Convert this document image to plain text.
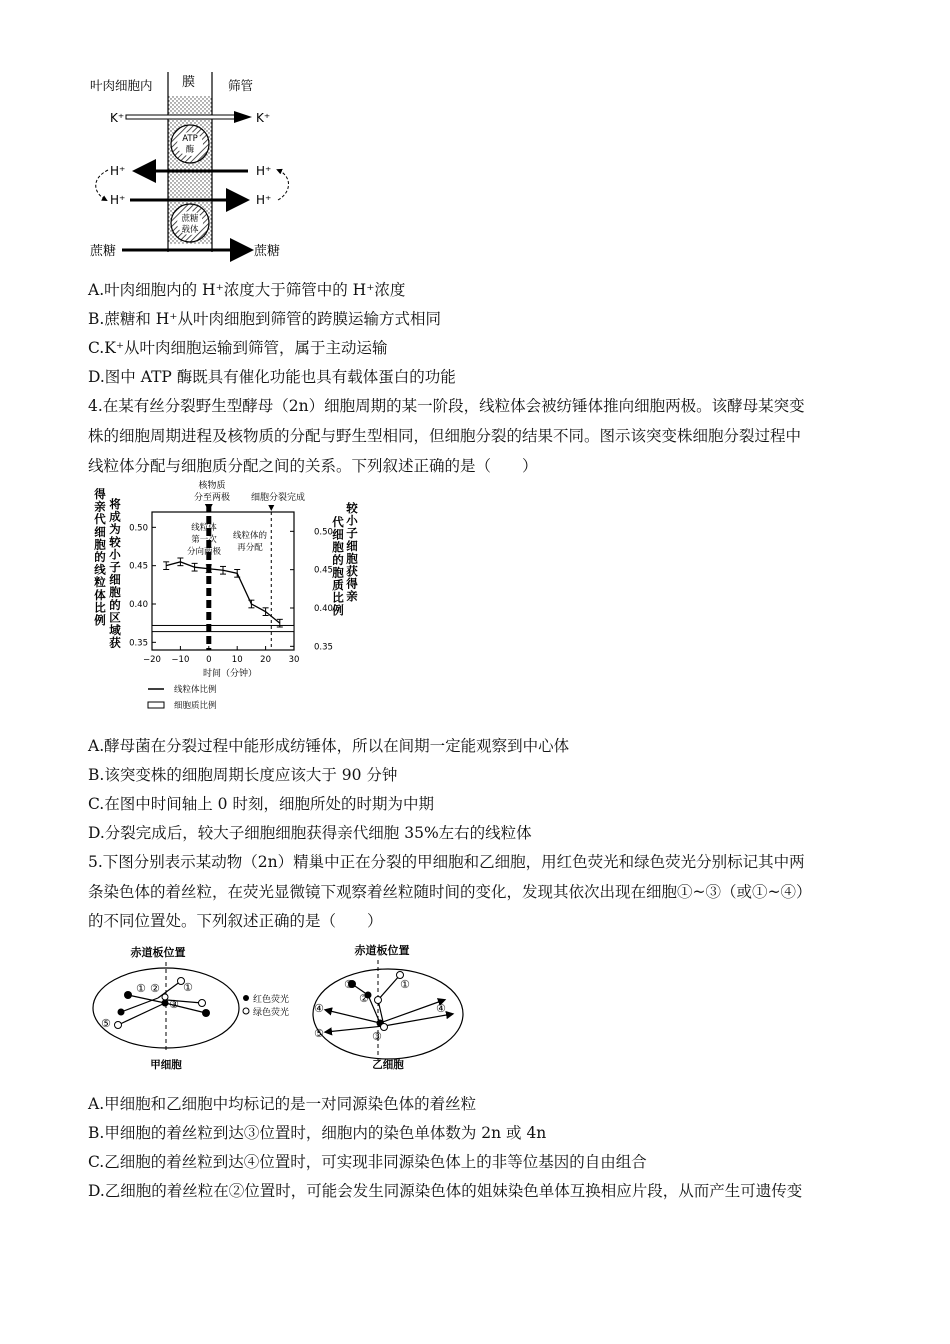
叶肉细胞内 膜	筛管
K⁺	K⁺
ATP
酶
H⁺	H⁺
H⁺	H⁺
蔗糖
载体
蔗糖	蔗糖
A.叶肉细胞内的 H⁺浓度大于筛管中的 H⁺浓度
B.蔗糖和 H⁺从叶肉细胞到筛管的跨膜运输方式相同
C.K⁺从叶肉细胞运输到筛管，属于主动运输
D.图中 ATP 酶既具有催化功能也具有载体蛋白的功能
4.在某有丝分裂野生型酵母（2n）细胞周期的某一阶段，线粒体会被纺锤体推向细胞两极。该酵母某突变
株的细胞周期进程及核物质的分配与野生型相同，但细胞分裂的结果不同。图示该突变株细胞分裂过程中
线粒体分配与细胞质分配之间的关系。下列叙述正确的是（　　）
核物质
分至两极 细胞分裂完成
线粒体
第一次
分向两极
线粒体的
再分配
时间（分钟）
线粒体比例
细胞质比例
得亲代细胞的线粒体比例
将成为较小子细胞的区域获
代细胞的胞质比例
较小子细胞获得亲
0.50
0.45
0.40
0.35
0.50
0.45
0.40
0.35
−20 −10 0 10 20 30
A.酵母菌在分裂过程中能形成纺锤体，所以在间期一定能观察到中心体
B.该突变株的细胞周期长度应该大于 90 分钟
C.在图中时间轴上 0 时刻，细胞所处的时期为中期
D.分裂完成后，较大子细胞细胞获得亲代细胞 35%左右的线粒体
5.下图分别表示某动物（2n）精巢中正在分裂的甲细胞和乙细胞，用红色荧光和绿色荧光分别标记其中两
条染色体的着丝粒，在荧光显微镜下观察着丝粒随时间的变化，发现其依次出现在细胞①~③（或①~④）
的不同位置处。下列叙述正确的是（　　）
赤道板位置
甲细胞
① ② ①
⑤
③	红色荧光
绿色荧光
赤道板位置
乙细胞
①	①
②
④	④
⑤	③
A.甲细胞和乙细胞中均标记的是一对同源染色体的着丝粒
B.甲细胞的着丝粒到达③位置时，细胞内的染色单体数为 2n 或 4n
C.乙细胞的着丝粒到达④位置时，可实现非同源染色体上的非等位基因的自由组合
D.乙细胞的着丝粒在②位置时，可能会发生同源染色体的姐妹染色单体互换相应片段，从而产生可遗传变
